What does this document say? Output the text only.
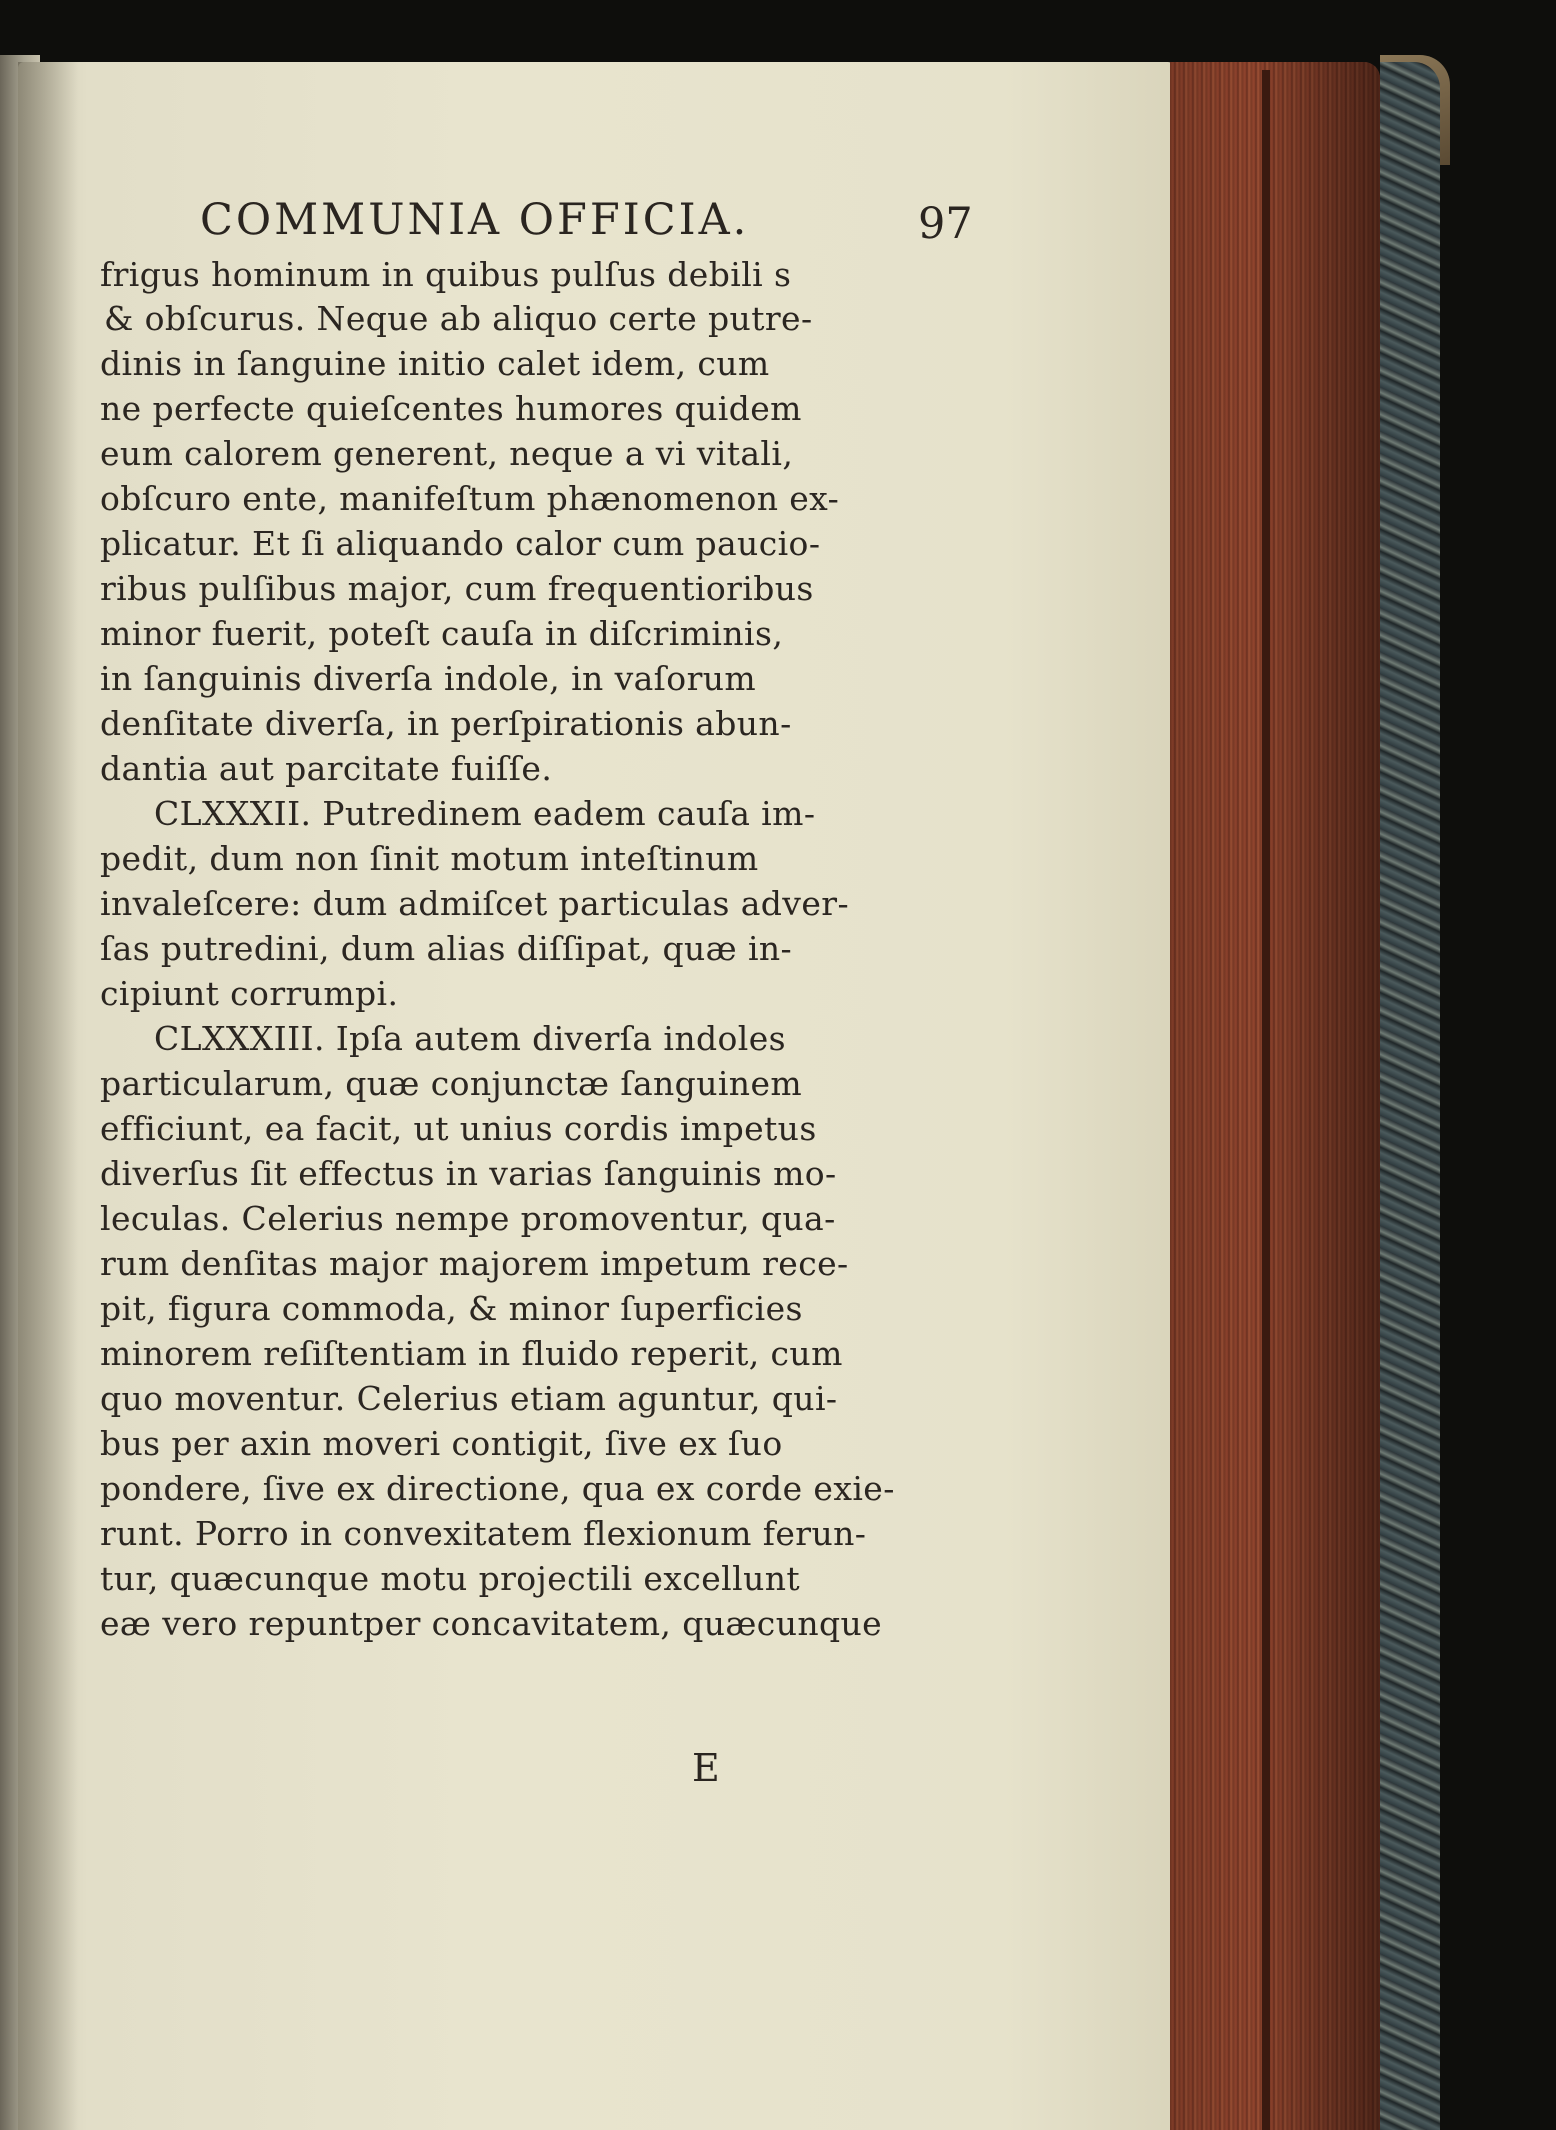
COMMUNIA OFFICIA.	97
frigus hominum in quibus pulſus debili s
& obſcurus. Neque ab aliquo certe putre-
dinis in ſanguine initio calet idem, cum
ne perfecte quieſcentes humores quidem
eum calorem generent, neque a vi vitali,
obſcuro ente, manifeſtum phænomenon ex-
plicatur. Et ſi aliquando calor cum paucio-
ribus pulſibus major, cum frequentioribus
minor fuerit, poteſt cauſa in diſcriminis,
in ſanguinis diverſa indole, in vaſorum
denſitate diverſa, in perſpirationis abun-
dantia aut parcitate fuiſſe.
CLXXXII. Putredinem eadem cauſa im-
pedit, dum non ſinit motum inteſtinum
invaleſcere: dum admiſcet particulas adver-
ſas putredini, dum alias diſſipat, quæ in-
cipiunt corrumpi.
CLXXXIII. Ipſa autem diverſa indoles
particularum, quæ conjunctæ ſanguinem
efficiunt, ea facit, ut unius cordis impetus
diverſus ſit effectus in varias ſanguinis mo-
leculas. Celerius nempe promoventur, qua-
rum denſitas major majorem impetum rece-
pit, figura commoda, & minor ſuperficies
minorem reſiſtentiam in fluido reperit, cum
quo moventur. Celerius etiam aguntur, qui-
bus per axin moveri contigit, ſive ex ſuo
pondere, ſive ex directione, qua ex corde exie-
runt. Porro in convexitatem flexionum ferun-
tur, quæcunque motu projectili excellunt
eæ vero repuntper concavitatem, quæcunque
E
